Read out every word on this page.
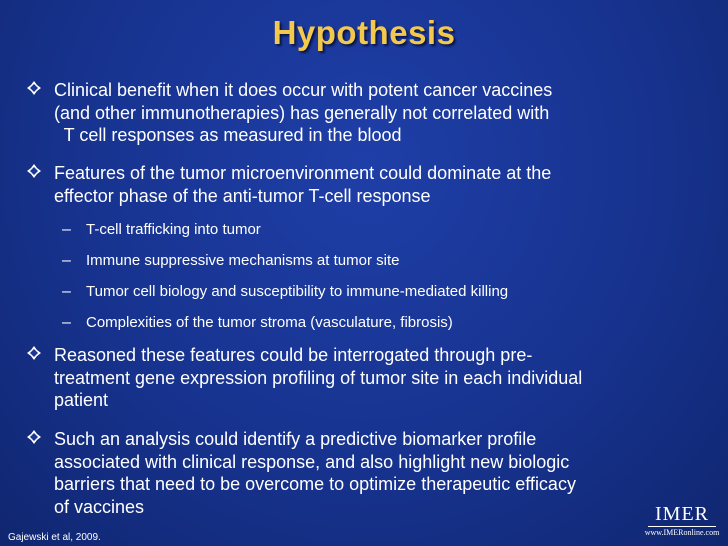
Hypothesis
Clinical benefit when it does occur with potent cancer vaccines
(and other immunotherapies) has generally not correlated with
T cell responses as measured in the blood
Features of the tumor microenvironment could dominate at the
effector phase of the anti-tumor T-cell response
– T-cell trafficking into tumor
– Immune suppressive mechanisms at tumor site
– Tumor cell biology and susceptibility to immune-mediated killing
– Complexities of the tumor stroma (vasculature, fibrosis)
Reasoned these features could be interrogated through pre-
treatment gene expression profiling of tumor site in each individual
patient
Such an analysis could identify a predictive biomarker profile
associated with clinical response, and also highlight new biologic
barriers that need to be overcome to optimize therapeutic efficacy
of vaccines
Gajewski et al, 2009.
IMER
www.IMERonline.com
